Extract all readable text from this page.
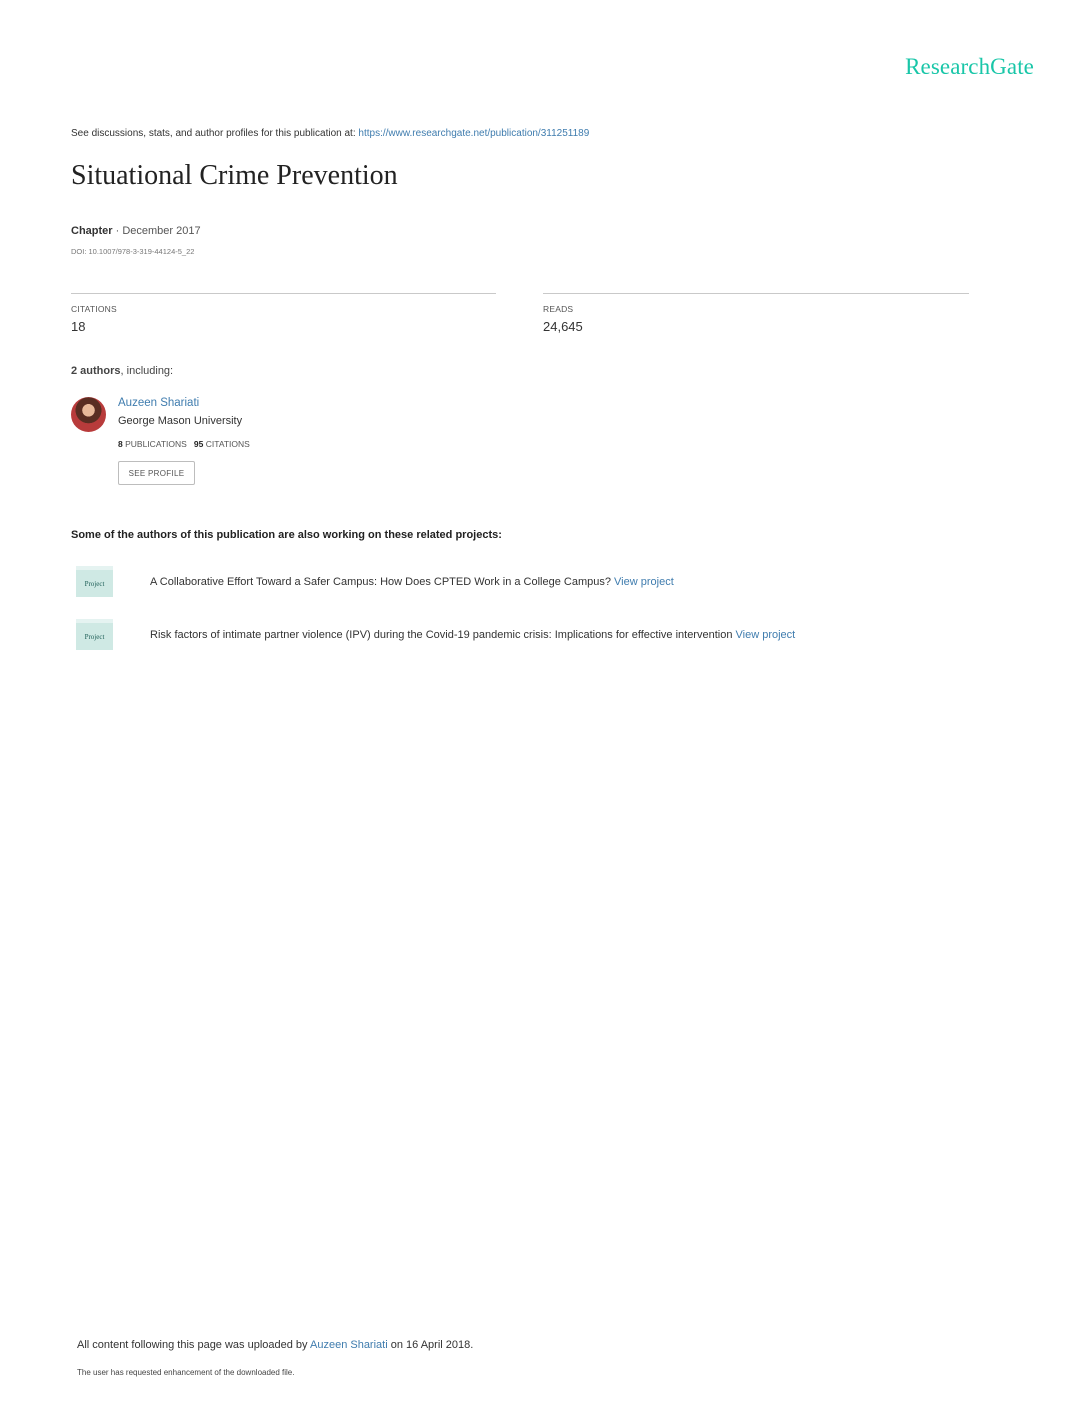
ResearchGate
See discussions, stats, and author profiles for this publication at: https://www.researchgate.net/publication/311251189
Situational Crime Prevention
Chapter · December 2017
DOI: 10.1007/978-3-319-44124-5_22
CITATIONS
18
READS
24,645
2 authors, including:
Auzeen Shariati
George Mason University
8 PUBLICATIONS 95 CITATIONS
SEE PROFILE
Some of the authors of this publication are also working on these related projects:
Project	A Collaborative Effort Toward a Safer Campus: How Does CPTED Work in a College Campus? View project
Project	Risk factors of intimate partner violence (IPV) during the Covid-19 pandemic crisis: Implications for effective intervention View project
All content following this page was uploaded by Auzeen Shariati on 16 April 2018.
The user has requested enhancement of the downloaded file.
